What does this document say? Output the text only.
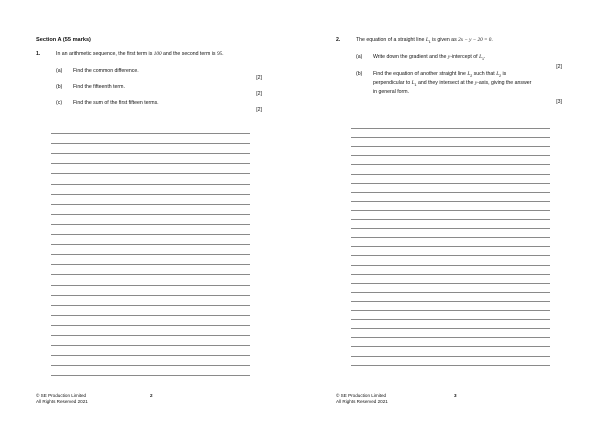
Section A (55 marks)
1.	In an arithmetic sequence, the first term is 100 and the second term is 95.
(a) Find the common difference.
[2]
(b) Find the fifteenth term.
[2]
(c) Find the sum of the first fifteen terms.
[2]
© SE Production Limited
All Rights Reserved 2021
2
2.	The equation of a straight line $L_1$ is given as 2x − y − 20 = 0.
(a) Write down the gradient and the y-intercept of $L_1$.
[2]
(b) Find the equation of another straight line $L_2$ such that $L_2$ is
perpendicular to $L_1$ and they intersect at the y-axis, giving the answer
in general form.
[3]
© SE Production Limited
All Rights Reserved 2021
3
